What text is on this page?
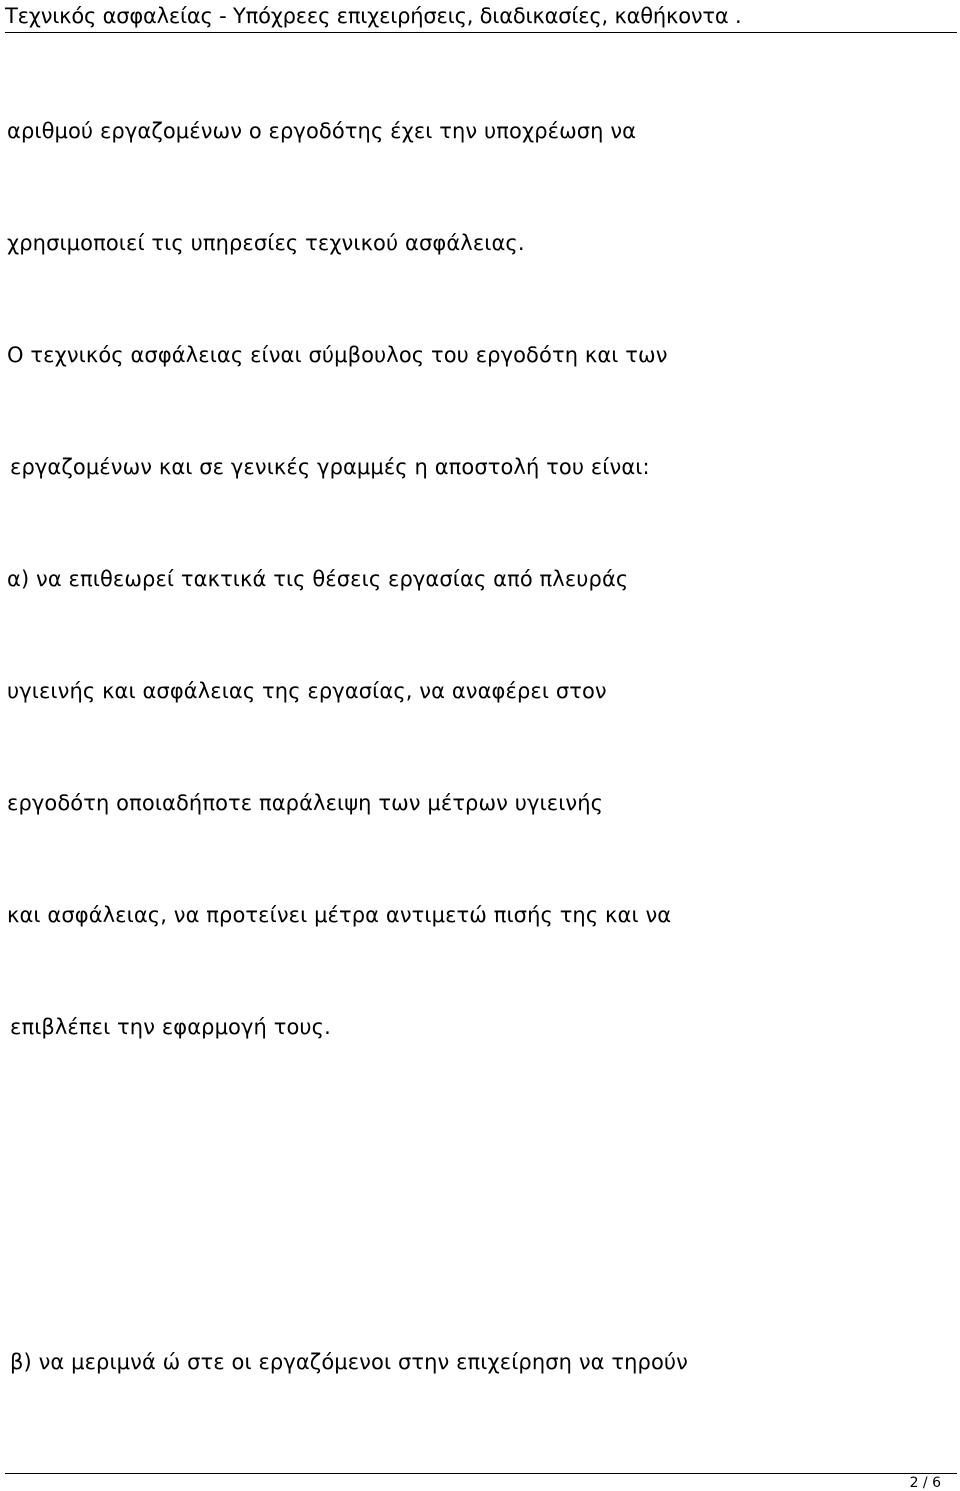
Τεχνικός ασφαλείας - Υπόχρεες επιχειρήσεις, διαδικασίες, καθήκοντα .
αριθμού εργαζομένων ο εργοδότης έχει την υποχρέωση να
χρησιμοποιεί τις υπηρεσίες τεχνικού ασφάλειας.
Ο τεχνικός ασφάλειας είναι σύμβουλος του εργοδότη και των
εργαζομένων και σε γενικές γραμμές η αποστολή του είναι:
α) να επιθεωρεί τακτικά τις θέσεις εργασίας από πλευράς
υγιεινής και ασφάλειας της εργασίας, να αναφέρει στον
εργοδότη οποιαδήποτε παράλειψη των μέτρων υγιεινής
και ασφάλειας, να προτείνει μέτρα αντιμετώ πισής της και να
επιβλέπει την εφαρμογή τους.
β) να μεριμνά ώ στε οι εργαζόμενοι στην επιχείρηση να τηρούν
2 / 6
